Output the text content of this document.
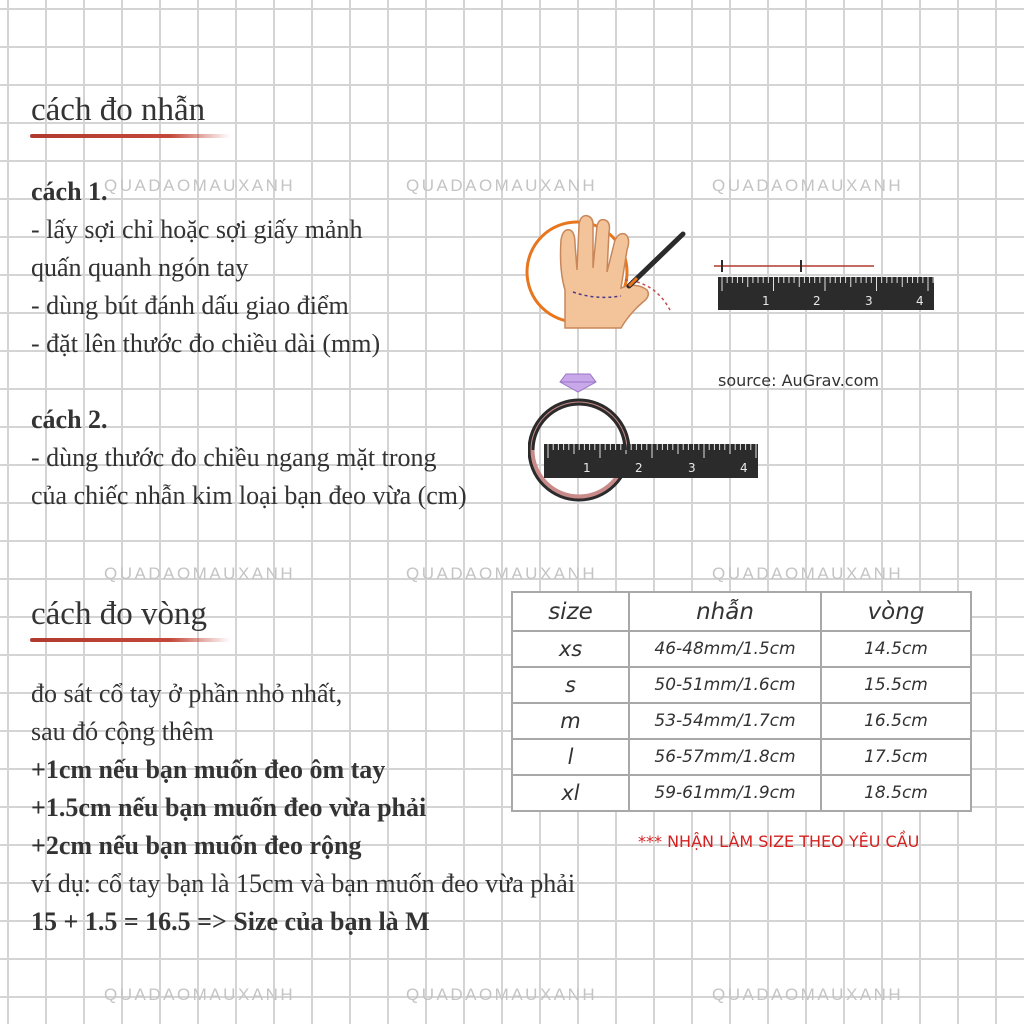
QUADAOMAUXANH	QUADAOMAUXANH	QUADAOMAUXANH
QUADAOMAUXANH	QUADAOMAUXANH	QUADAOMAUXANH
QUADAOMAUXANH	QUADAOMAUXANH	QUADAOMAUXANH
cách đo nhẫn
cách 1.
- lấy sợi chỉ hoặc sợi giấy mảnh
quấn quanh ngón tay
- dùng bút đánh dấu giao điểm
- đặt lên thước đo chiều dài (mm)
cách 2.
- dùng thước đo chiều ngang mặt trong
của chiếc nhẫn kim loại bạn đeo vừa (cm)
1	2	3	4
source: AuGrav.com
1	2	3	4
cách đo vòng
đo sát cổ tay ở phần nhỏ nhất,
sau đó cộng thêm
+1cm nếu bạn muốn đeo ôm tay
+1.5cm nếu bạn muốn đeo vừa phải
+2cm nếu bạn muốn đeo rộng
ví dụ: cổ tay bạn là 15cm và bạn muốn đeo vừa phải
15 + 1.5 = 16.5 => Size của bạn là M
size	nhẫn	vòng
xs	46-48mm/1.5cm	14.5cm
s	50-51mm/1.6cm	15.5cm
m	53-54mm/1.7cm	16.5cm
l	56-57mm/1.8cm	17.5cm
xl	59-61mm/1.9cm	18.5cm
*** NHẬN LÀM SIZE THEO YÊU CẦU
